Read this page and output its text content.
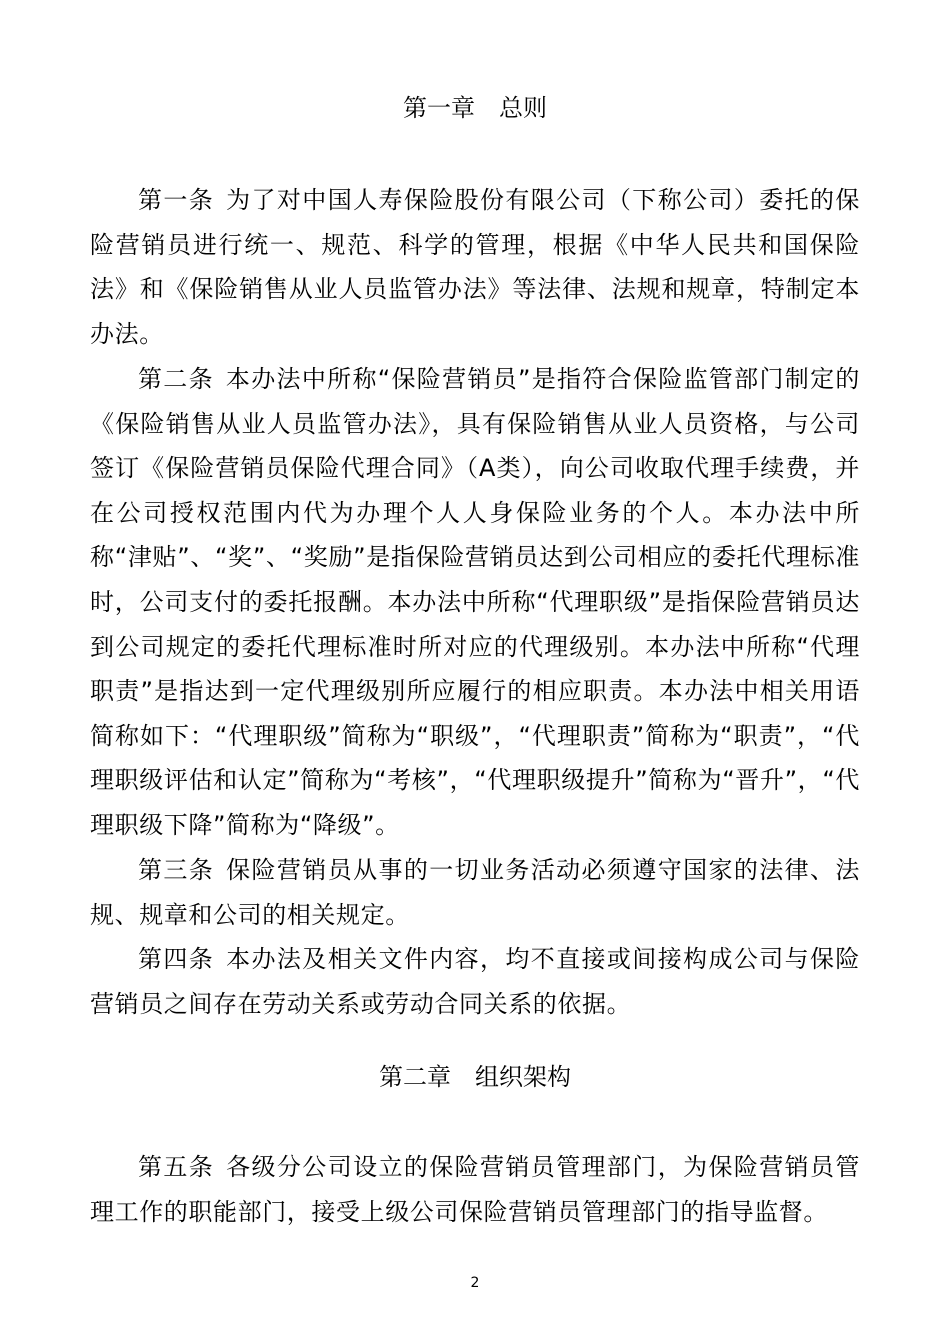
第一章　总则

第一条 为了对中国人寿保险股份有限公司（下称公司）委托的保险营销员进行统一、规范、科学的管理，根据《中华人民共和国保险法》和《保险销售从业人员监管办法》等法律、法规和规章，特制定本办法。

第二条 本办法中所称“保险营销员”是指符合保险监管部门制定的《保险销售从业人员监管办法》，具有保险销售从业人员资格，与公司签订《保险营销员保险代理合同》（A类），向公司收取代理手续费，并在公司授权范围内代为办理个人人身保险业务的个人。本办法中所称“津贴”、“奖”、“奖励”是指保险营销员达到公司相应的委托代理标准时，公司支付的委托报酬。本办法中所称“代理职级”是指保险营销员达到公司规定的委托代理标准时所对应的代理级别。本办法中所称“代理职责”是指达到一定代理级别所应履行的相应职责。本办法中相关用语简称如下：“代理职级”简称为“职级”，“代理职责”简称为“职责”，“代理职级评估和认定”简称为“考核”，“代理职级提升”简称为“晋升”，“代理职级下降”简称为“降级”。

第三条 保险营销员从事的一切业务活动必须遵守国家的法律、法规、规章和公司的相关规定。

第四条 本办法及相关文件内容，均不直接或间接构成公司与保险营销员之间存在劳动关系或劳动合同关系的依据。

第二章　组织架构

第五条 各级分公司设立的保险营销员管理部门，为保险营销员管理工作的职能部门，接受上级公司保险营销员管理部门的指导监督。

2
